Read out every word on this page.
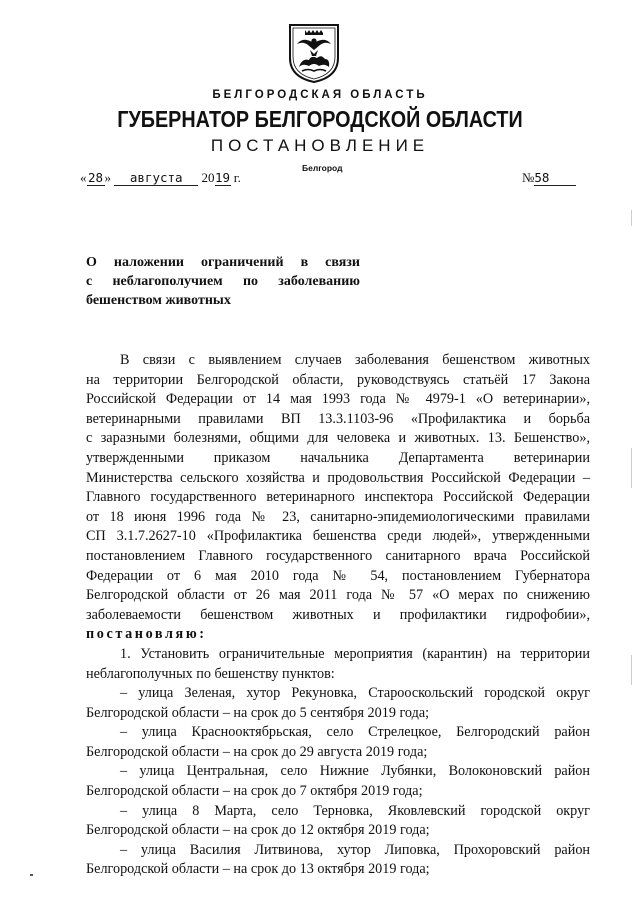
БЕЛГОРОДСКАЯ ОБЛАСТЬ
ГУБЕРНАТОР БЕЛГОРОДСКОЙ ОБЛАСТИ
ПОСТАНОВЛЕНИЕ
Белгород
«28» августа 2019 г.	№58
О наложении ограничений в связи
с неблагополучием по заболеванию
бешенством животных
В связи с выявлением случаев заболевания бешенством животных
на территории Белгородской области, руководствуясь статьёй 17 Закона
Российской Федерации от 14 мая 1993 года № 4979-1 «О ветеринарии»,
ветеринарными правилами ВП 13.3.1103-96 «Профилактика и борьба
с заразными болезнями, общими для человека и животных. 13. Бешенство»,
утвержденными приказом начальника Департамента ветеринарии
Министерства сельского хозяйства и продовольствия Российской Федерации –
Главного государственного ветеринарного инспектора Российской Федерации
от 18 июня 1996 года № 23, санитарно-эпидемиологическими правилами
СП 3.1.7.2627-10 «Профилактика бешенства среди людей», утвержденными
постановлением Главного государственного санитарного врача Российской
Федерации от 6 мая 2010 года № 54, постановлением Губернатора
Белгородской области от 26 мая 2011 года № 57 «О мерах по снижению
заболеваемости бешенством животных и профилактики гидрофобии»,
постановляю:
1. Установить ограничительные мероприятия (карантин) на территории
неблагополучных по бешенству пунктов:
– улица Зеленая, хутор Рекуновка, Старооскольский городской округ
Белгородской области – на срок до 5 сентября 2019 года;
– улица Краснооктябрьская, село Стрелецкое, Белгородский район
Белгородской области – на срок до 29 августа 2019 года;
– улица Центральная, село Нижние Лубянки, Волоконовский район
Белгородской области – на срок до 7 октября 2019 года;
– улица 8 Марта, село Терновка, Яковлевский городской округ
Белгородской области – на срок до 12 октября 2019 года;
– улица Василия Литвинова, хутор Липовка, Прохоровский район
Белгородской области – на срок до 13 октября 2019 года;
